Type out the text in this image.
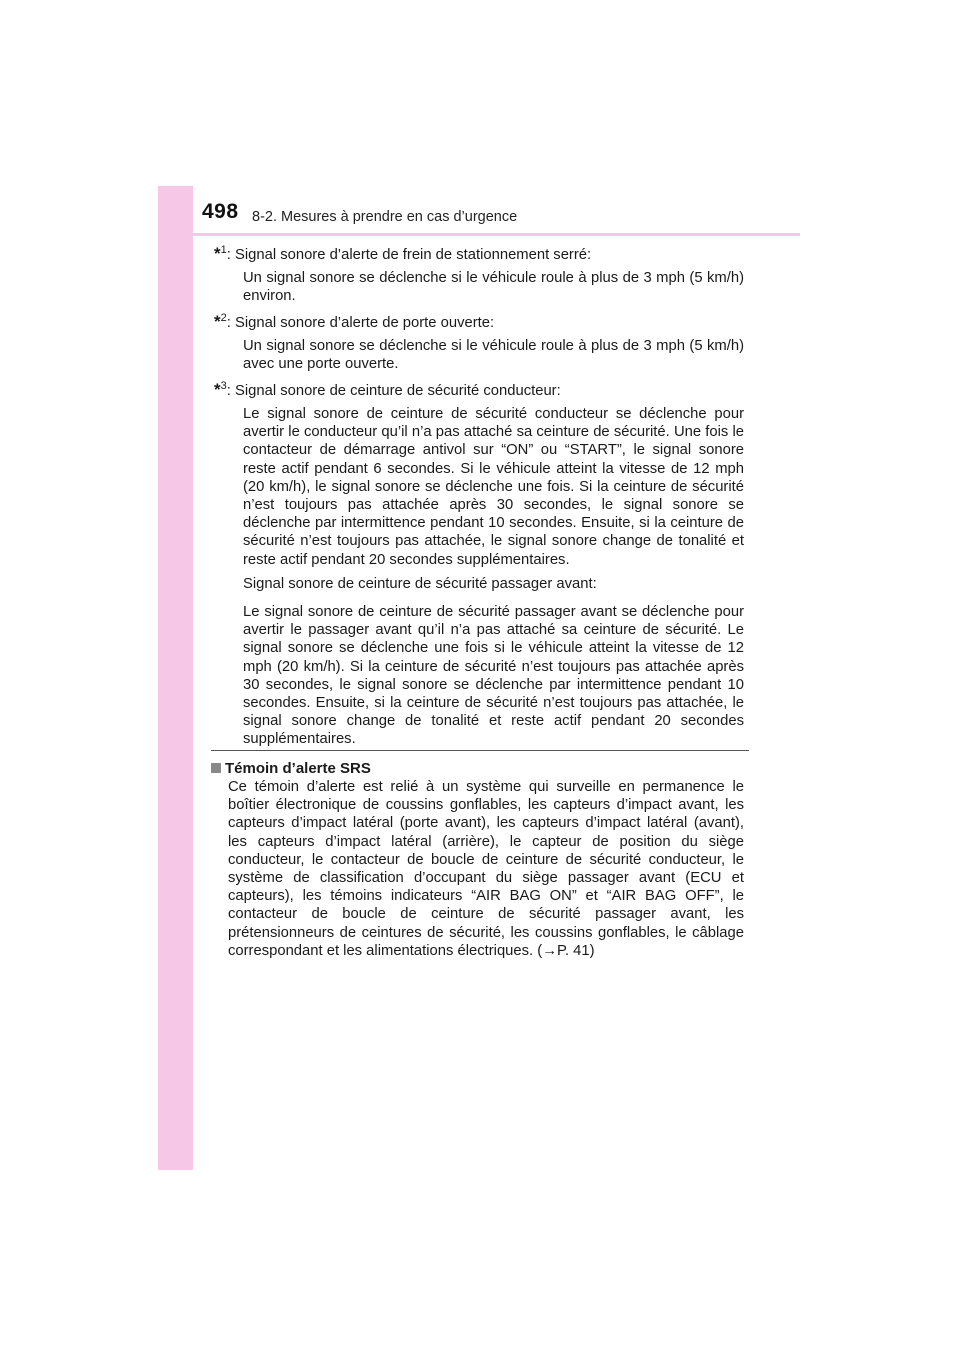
498 8-2. Mesures à prendre en cas d’urgence
*$^1$: Signal sonore d’alerte de frein de stationnement serré:
Un signal sonore se déclenche si le véhicule roule à plus de 3 mph (5 km/h) environ.
*$^2$: Signal sonore d’alerte de porte ouverte:
Un signal sonore se déclenche si le véhicule roule à plus de 3 mph (5 km/h) avec une porte ouverte.
*$^3$: Signal sonore de ceinture de sécurité conducteur:
Le signal sonore de ceinture de sécurité conducteur se déclenche pour avertir le conducteur qu’il n’a pas attaché sa ceinture de sécurité. Une fois le contacteur de démarrage antivol sur “ON” ou “START”, le signal sonore reste actif pendant 6 secondes. Si le véhicule atteint la vitesse de 12 mph (20 km/h), le signal sonore se déclenche une fois. Si la ceinture de sécurité n’est toujours pas attachée après 30 secondes, le signal sonore se déclenche par intermittence pendant 10 secondes. Ensuite, si la ceinture de sécurité n’est toujours pas attachée, le signal sonore change de tonalité et reste actif pendant 20 secondes supplémentaires.
Signal sonore de ceinture de sécurité passager avant:
Le signal sonore de ceinture de sécurité passager avant se déclenche pour avertir le passager avant qu’il n’a pas attaché sa ceinture de sécurité. Le signal sonore se déclenche une fois si le véhicule atteint la vitesse de 12 mph (20 km/h). Si la ceinture de sécurité n’est toujours pas attachée après 30 secondes, le signal sonore se déclenche par intermittence pendant 10 secondes. Ensuite, si la ceinture de sécurité n’est toujours pas attachée, le signal sonore change de tonalité et reste actif pendant 20 secondes supplémentaires.
Témoin d’alerte SRS
Ce témoin d’alerte est relié à un système qui surveille en permanence le boîtier électronique de coussins gonflables, les capteurs d’impact avant, les capteurs d’impact latéral (porte avant), les capteurs d’impact latéral (avant), les capteurs d’impact latéral (arrière), le capteur de position du siège conducteur, le contacteur de boucle de ceinture de sécurité conducteur, le système de classification d’occupant du siège passager avant (ECU et capteurs), les témoins indicateurs “AIR BAG ON” et “AIR BAG OFF”, le contacteur de boucle de ceinture de sécurité passager avant, les prétensionneurs de ceintures de sécurité, les coussins gonflables, le câblage correspondant et les alimentations électriques. (→P. 41)
